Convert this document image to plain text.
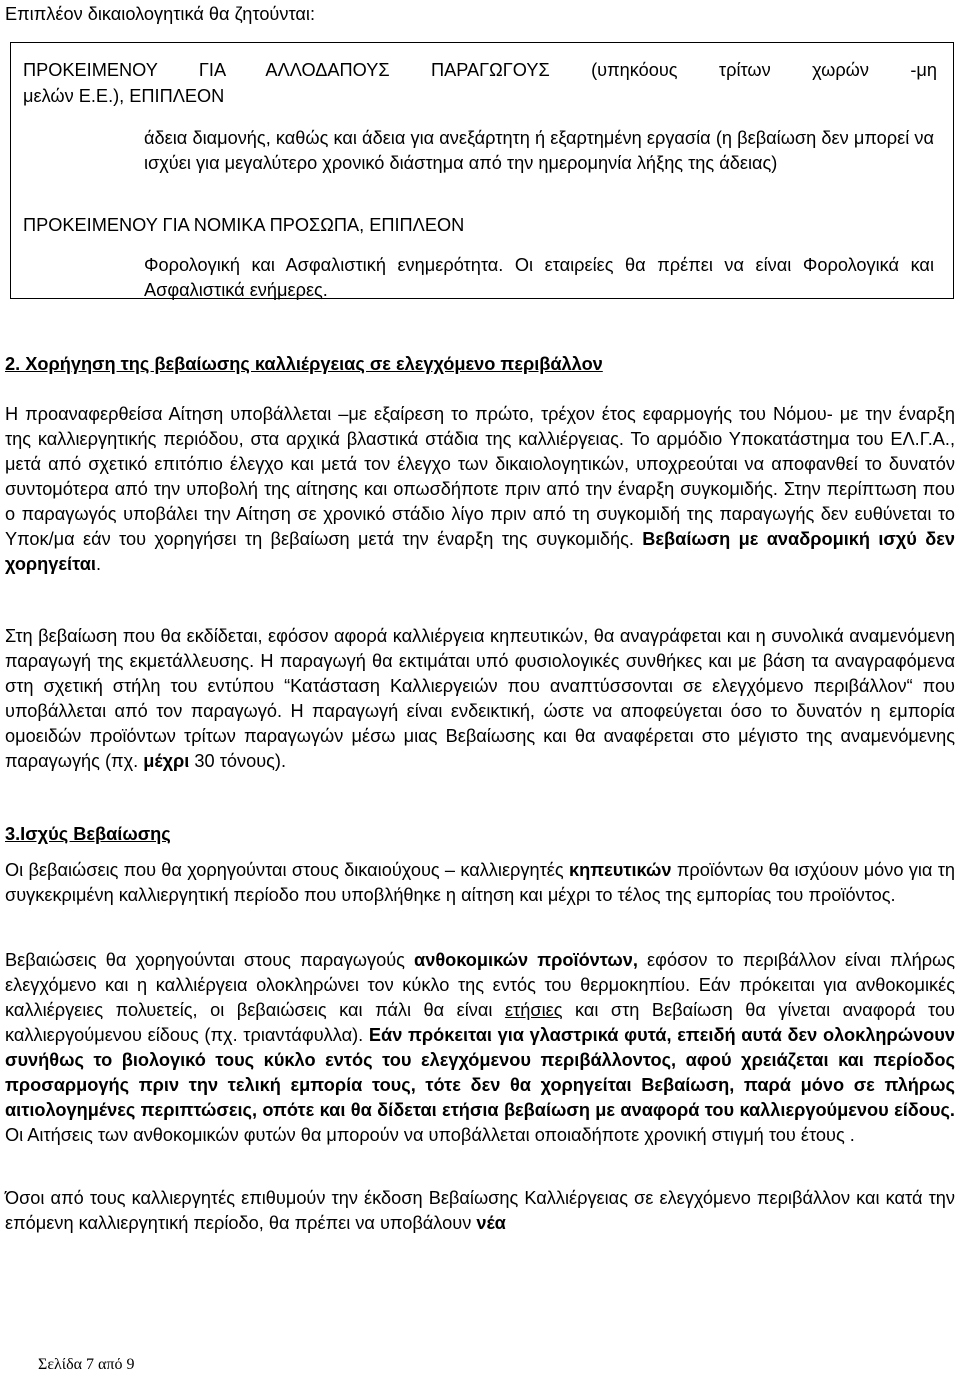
Επιπλέον δικαιολογητικά θα ζητούνται:

ΠΡΟΚΕΙΜΕΝΟΥ ΓΙΑ ΑΛΛΟΔΑΠΟΥΣ ΠΑΡΑΓΩΓΟΥΣ (υπηκόους τρίτων χωρών -μη

μελών Ε.Ε.), ΕΠΙΠΛΕΟΝ

άδεια διαμονής, καθώς και άδεια για ανεξάρτητη ή εξαρτημένη εργασία (η βεβαίωση δεν μπορεί να ισχύει για μεγαλύτερο χρονικό διάστημα από την ημερομηνία λήξης της άδειας)

ΠΡΟΚΕΙΜΕΝΟΥ ΓΙΑ ΝΟΜΙΚΑ ΠΡΟΣΩΠΑ, ΕΠΙΠΛΕΟΝ

Φορολογική και Ασφαλιστική ενημερότητα. Οι εταιρείες θα πρέπει να είναι Φορολογικά και Ασφαλιστικά ενήμερες.

2. Χορήγηση της βεβαίωσης καλλιέργειας σε ελεγχόμενο περιβάλλον

Η προαναφερθείσα Αίτηση υποβάλλεται –με εξαίρεση το πρώτο, τρέχον έτος εφαρμογής του Νόμου- με την έναρξη της καλλιεργητικής περιόδου, στα αρχικά βλαστικά στάδια της καλλιέργειας. Το αρμόδιο Υποκατάστημα του ΕΛ.Γ.Α., μετά από σχετικό επιτόπιο έλεγχο και μετά τον έλεγχο των δικαιολογητικών, υποχρεούται να αποφανθεί το δυνατόν συντομότερα από την υποβολή της αίτησης και οπωσδήποτε πριν από την έναρξη συγκομιδής. Στην περίπτωση που ο παραγωγός υποβάλει την Αίτηση σε χρονικό στάδιο λίγο πριν από τη συγκομιδή της παραγωγής δεν ευθύνεται το Υποκ/μα εάν του χορηγήσει τη βεβαίωση μετά την έναρξη της συγκομιδής. Βεβαίωση με αναδρομική ισχύ δεν χορηγείται.

Στη βεβαίωση που θα εκδίδεται, εφόσον αφορά καλλιέργεια κηπευτικών, θα αναγράφεται και η συνολικά αναμενόμενη παραγωγή της εκμετάλλευσης. Η παραγωγή θα εκτιμάται υπό φυσιολογικές συνθήκες και με βάση τα αναγραφόμενα στη σχετική στήλη του εντύπου “Κατάσταση Καλλιεργειών που αναπτύσσονται σε ελεγχόμενο περιβάλλον“ που υποβάλλεται από τον παραγωγό. Η παραγωγή είναι ενδεικτική, ώστε να αποφεύγεται όσο το δυνατόν η εμπορία ομοειδών προϊόντων τρίτων παραγωγών μέσω μιας Βεβαίωσης και θα αναφέρεται στο μέγιστο της αναμενόμενης παραγωγής (πχ. μέχρι 30 τόνους).

3.Ισχύς Βεβαίωσης

Οι βεβαιώσεις που θα χορηγούνται στους δικαιούχους – καλλιεργητές κηπευτικών προϊόντων θα ισχύουν μόνο για τη συγκεκριμένη καλλιεργητική περίοδο που υποβλήθηκε η αίτηση και μέχρι το τέλος της εμπορίας του προϊόντος.

Βεβαιώσεις θα χορηγούνται στους παραγωγούς ανθοκομικών προϊόντων, εφόσον το περιβάλλον είναι πλήρως ελεγχόμενο και η καλλιέργεια ολοκληρώνει τον κύκλο της εντός του θερμοκηπίου. Εάν πρόκειται για ανθοκομικές καλλιέργειες πολυετείς, οι βεβαιώσεις και πάλι θα είναι ετήσιες και στη Βεβαίωση θα γίνεται αναφορά του καλλιεργούμενου είδους (πχ. τριαντάφυλλα). Εάν πρόκειται για γλαστρικά φυτά, επειδή αυτά δεν ολοκληρώνουν συνήθως το βιολογικό τους κύκλο εντός του ελεγχόμενου περιβάλλοντος, αφού χρειάζεται και περίοδος προσαρμογής πριν την τελική εμπορία τους, τότε δεν θα χορηγείται Βεβαίωση, παρά μόνο σε πλήρως αιτιολογημένες περιπτώσεις, οπότε και θα δίδεται ετήσια βεβαίωση με αναφορά του καλλιεργούμενου είδους. Οι Αιτήσεις των ανθοκομικών φυτών θα μπορούν να υποβάλλεται οποιαδήποτε χρονική στιγμή του έτους .

Όσοι από τους καλλιεργητές επιθυμούν την έκδοση Βεβαίωσης Καλλιέργειας σε ελεγχόμενο περιβάλλον και κατά την επόμενη καλλιεργητική περίοδο, θα πρέπει να υποβάλουν νέα

Σελίδα 7 από 9
